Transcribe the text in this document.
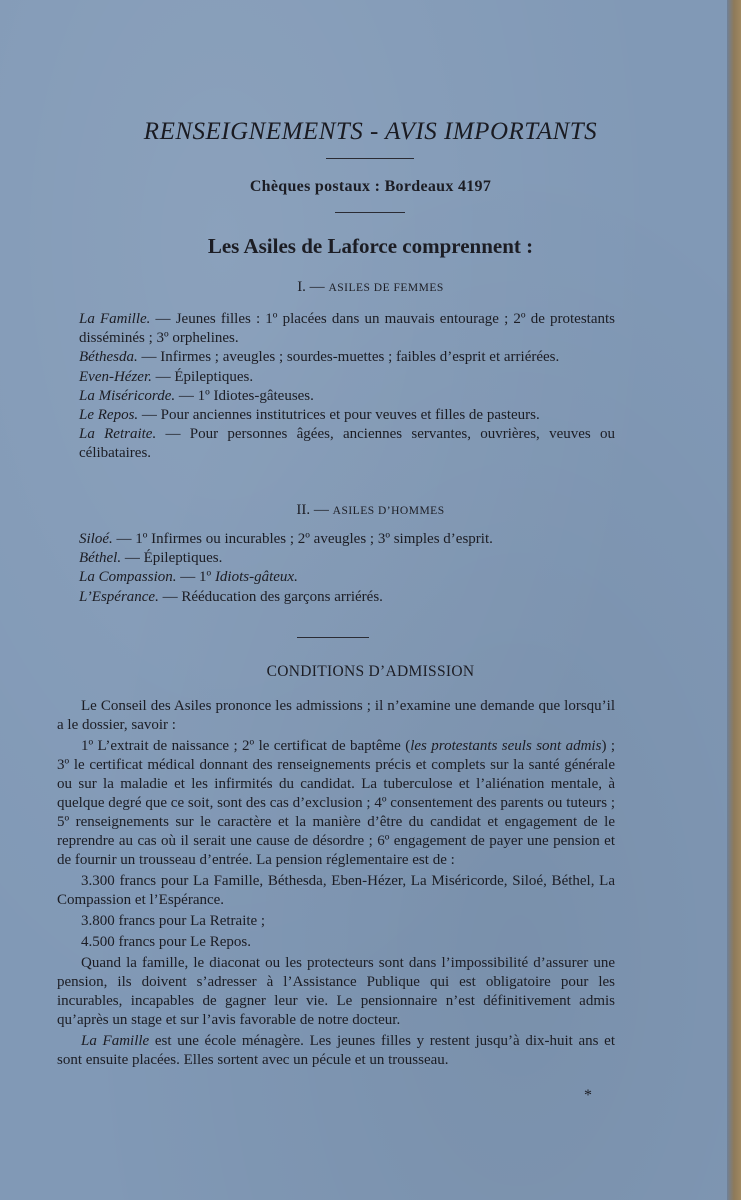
RENSEIGNEMENTS - AVIS IMPORTANTS
Chèques postaux : Bordeaux 4197
Les Asiles de Laforce comprennent :
I. — ASILES DE FEMMES

La Famille. — Jeunes filles : 1º placées dans un mauvais entourage ; 2º de protestants disséminés ; 3º orphelines.

Béthesda. — Infirmes ; aveugles ; sourdes-muettes ; faibles d’esprit et arriérées.

Even-Hézer. — Épileptiques.

La Miséricorde. — 1º Idiotes-gâteuses.

Le Repos. — Pour anciennes institutrices et pour veuves et filles de pasteurs.

La Retraite. — Pour personnes âgées, anciennes servantes, ouvrières, veuves ou célibataires.

II. — ASILES D’HOMMES

Siloé. — 1º Infirmes ou incurables ; 2º aveugles ; 3º simples d’esprit.

Béthel. — Épileptiques.

La Compassion. — 1º Idiots-gâteux.

L’Espérance. — Rééducation des garçons arriérés.

CONDITIONS D’ADMISSION

Le Conseil des Asiles prononce les admissions ; il n’examine une demande que lorsqu’il a le dossier, savoir :

1º L’extrait de naissance ; 2º le certificat de baptême (les protestants seuls sont admis) ; 3º le certificat médical donnant des renseignements précis et complets sur la santé générale ou sur la maladie et les infirmités du candidat. La tuberculose et l’aliénation mentale, à quelque degré que ce soit, sont des cas d’exclusion ; 4º consentement des parents ou tuteurs ; 5º renseignements sur le caractère et la manière d’être du candidat et engagement de le reprendre au cas où il serait une cause de désordre ; 6º engagement de payer une pension et de fournir un trousseau d’entrée. La pension réglementaire est de :

3.300 francs pour La Famille, Béthesda, Eben-Hézer, La Miséricorde, Siloé, Béthel, La Compassion et l’Espérance.

3.800 francs pour La Retraite ;

4.500 francs pour Le Repos.

Quand la famille, le diaconat ou les protecteurs sont dans l’impossibilité d’assurer une pension, ils doivent s’adresser à l’Assistance Publique qui est obligatoire pour les incurables, incapables de gagner leur vie. Le pensionnaire n’est définitivement admis qu’après un stage et sur l’avis favorable de notre docteur.

La Famille est une école ménagère. Les jeunes filles y restent jusqu’à dix-huit ans et sont ensuite placées. Elles sortent avec un pécule et un trousseau.

*
